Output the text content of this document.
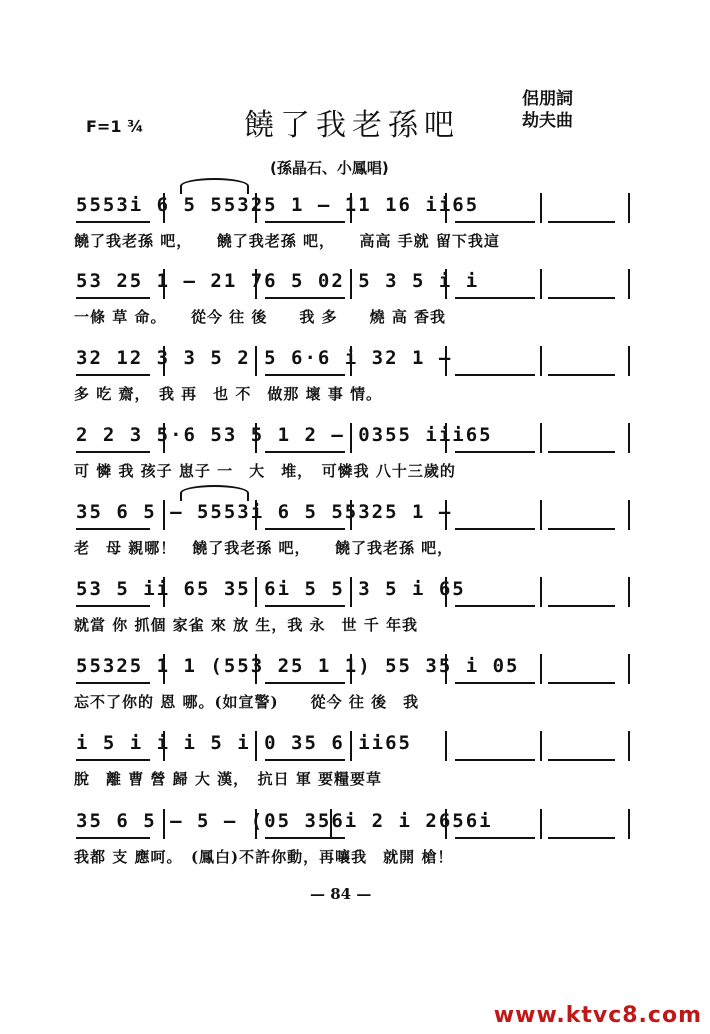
F=1 ¾	饒了我老孫吧
侶朋詞
劫夫曲
(孫晶石、小鳳唱)
5553i 6 5 55325 1 — 11 16 ii65
饒了我老孫 吧，　　饒了我老孫 吧，　　高高 手就 留下我這
53 25 1 — 21 76 5 02 5 3 5 i i
一條 草 命。　　從今 往 後　　我 多　　燒 高 香我
32 12 3 3 5 2 5 6·6 i 32 1 —
多 吃 齋，　我 再　也 不　做那 壞 事 情。
2 2 3 5·6 53 5 1 2 — 0355 iii65
可 憐 我 孩子 崽子 一　大　堆，　可憐我 八十三歲的
35 6 5 — 5553i 6 5 55325 1 —
老　母 親哪！　饒了我老孫 吧，　　饒了我老孫 吧，
53 5 ii 65 35 6i 5 5 3 5 i 65
就當 你 抓個 家雀 來 放 生，我 永　世 千 年我
55325 1 1 (553 25 1 1) 55 35 i 05
忘不了你的 恩 哪。(如宣警)　　從今 往 後　我
i 5 i i i 5 i 0 35 6 ii65
脫　離 曹 營 歸 大 漢，　抗日 軍 要糧要草
35 6 5 — 5 — (05 356i 2 i 2656i
我都 支 應呵。　(鳳白)不許你動，再嚷我　就開 槍！
— 84 —
www.ktvc8.com
